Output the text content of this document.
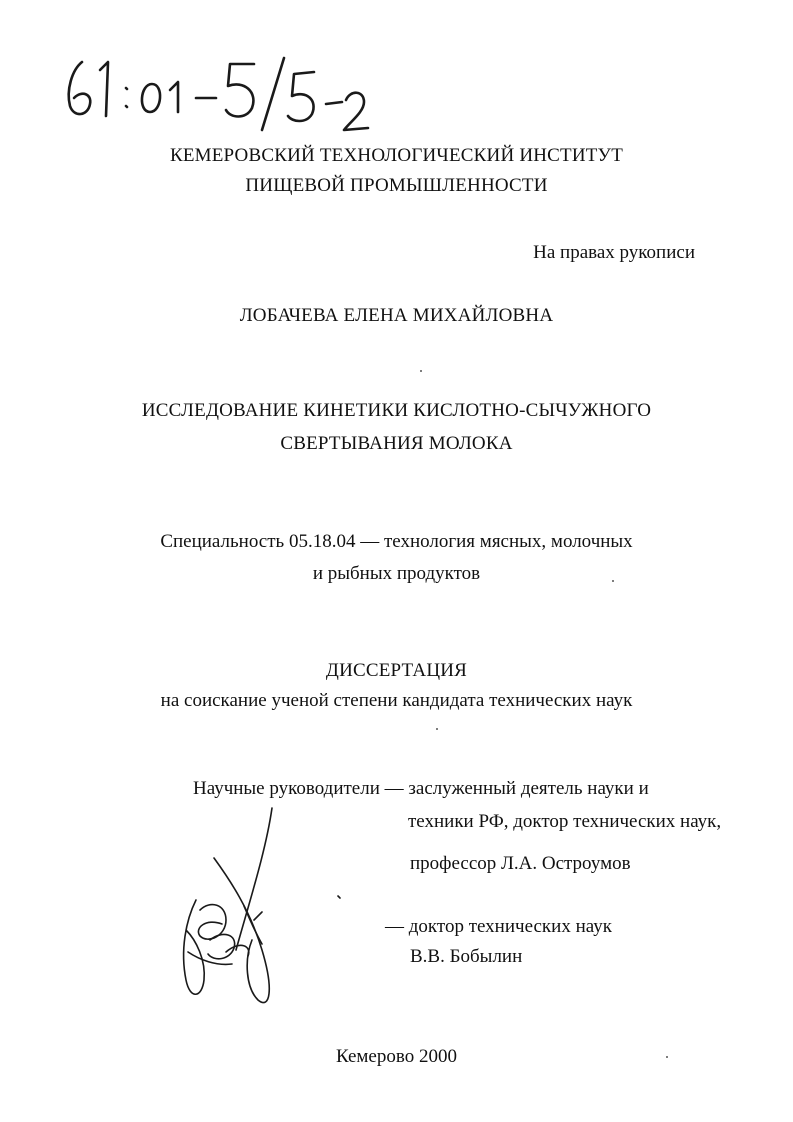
КЕМЕРОВСКИЙ ТЕХНОЛОГИЧЕСКИЙ ИНСТИТУТ
ПИЩЕВОЙ ПРОМЫШЛЕННОСТИ
На правах рукописи
ЛОБАЧЕВА ЕЛЕНА МИХАЙЛОВНА
ИССЛЕДОВАНИЕ КИНЕТИКИ КИСЛОТНО-СЫЧУЖНОГО
СВЕРТЫВАНИЯ МОЛОКА
Специальность 05.18.04 — технология мясных, молочных
и рыбных продуктов
ДИССЕРТАЦИЯ
на соискание ученой степени кандидата технических наук
Научные руководители — заслуженный деятель науки и
техники РФ, доктор технических наук,
профессор Л.А. Остроумов
— доктор технических наук
В.В. Бобылин
Кемерово 2000
